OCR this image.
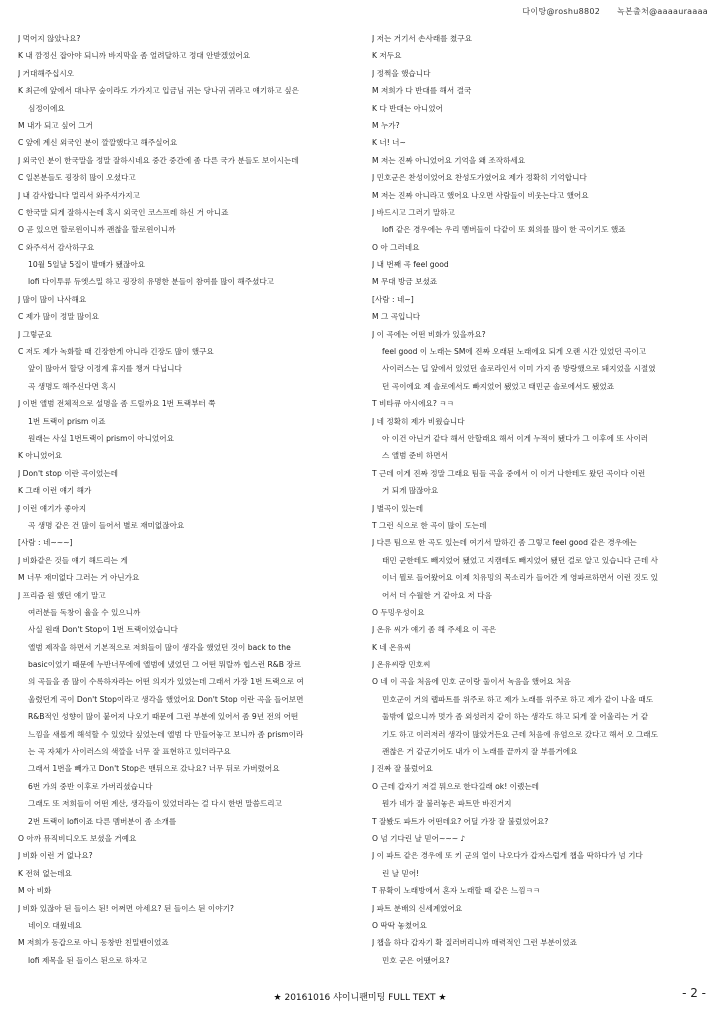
다이탕@roshu8802 녹본출처@aaaauraaaa
J 먹어지 않았나요?
K 내 깜정신 잡아야 되니까 바지막을 좀 얼려달하고 정대 안받겠었어요
J 거대해주십시오
K 최근에 앞에서 대나무 숲이라도 가가지고 입금님 귀는 당나귀 귀라고 얘기하고 싶은
심정이에요
M 내가 되고 싶어 그거
C 앞에 계신 외국인 분이 깔깔했다고 해주실어요
J 외국인 분이 한국말을 정말 잘하시네요 중간 중간에 좀 다른 국가 분들도 보이시는데
C 일본분들도 굉장히 많이 오셨다고
J 내 감사합니다 멀리서 와주셔가지고
C 한국말 되게 잘하시는데 혹시 외국인 코스프레 하신 거 아니죠
O 곧 있으면 할로윈이니까 괜찮을 할로윈이니까
C 와주셔서 감사하구요
10월 5일날 5집이 발매가 됐잖아요
lofi 다이투류 듀엣스밀 하고 굉장히 유명한 분들이 참여를 많이 해주셨다고
J 많이 많이 나사해요
C 제가 많이 정말 많이요
J 그렇군요
C 저도 제가 녹화할 때 긴장한게 아니라 긴장도 많이 했구요
앞이 많아서 할당 이정계 휴지를 챙겨 다닙니다
곡 생명도 해주신다면 혹시
J 이번 앨범 전체적으로 설명을 좀 드릴까요 1번 트랙부터 쭉
1번 트랙이 prism 이죠
원래는 사실 1번트랙이 prism이 아니었어요
K 아니었어요
J Don't stop 이란 곡이었는데
K 그래 이런 얘기 해가
J 이런 얘기가 좋아지
곡 생명 같은 건 많이 들어서 별로 재미없잖아요
[사람 : 네~~~]
J 비화같은 것들 얘기 해드리는 게
M 너무 재미없다 그러는 거 아닌가요
J 프리즘 원 했던 얘기 말고
여러분들 독창이 율을 수 있으니까
사실 원래 Don't Stop이 1번 트랙이었습니다
앨범 제작을 하면서 기본적으로 저희들이 많이 생각을 했었던 것이 back to the
basic이었기 때문에 누반너무에에 앨범에 냈었던 그 어떤 뭐랄까 힙스런 R&B 장르
의 곡들을 좀 많이 수록하자라는 어떤 의지가 있었는데 그래서 가장 1번 트랙으로 여
울렸던게 곡이 Don't Stop이라고 생각을 했었어요 Don't Stop 이란 곡을 들어보면
R&B적인 성향이 많이 붙어져 나오기 때문에 그런 부분에 있어서 좀 9년 전의 어떤
느낌을 새롭게 해석할 수 있었다 싶었는데 앨범 다 만들어놓고 보니까 좀 prism이라
는 곡 자체가 사이러스의 색깔을 너무 잘 표현하고 있더라구요
그래서 1번을 빼가고 Don't Stop은 맨뒤으로 갔나요? 너무 뒤로 가버렸어요
6번 가의 중반 이후로 가버리셨습니다
그래도 또 저희들이 어떤 계산, 생각들이 있었더라는 걸 다시 한번 말씀드리고
2번 트랙이 lofi이죠 다른 멤버분이 좀 소개를
O 아까 뮤직비디오도 보셨을 거예요
J 비화 이런 거 없나요?
K 전혀 없는데요
M 아 비화
J 비화 있잖아 된 들이스 된! 어쩌면 아세요? 된 들이스 된 이야기?
네이오 대웠네요
M 저희가 동갑으로 아니 동창반 친밀밴이었죠
lofi 제목을 된 들이스 된으로 하자고
J 저는 거기서 손사래를 쳤구요
K 저두요
J 정쩍을 했습니다
M 저희가 다 반대를 해서 결국
K 다 반대는 아니었어
M 누가?
K 너! 너~
M 저는 진짜 아니었어요 기억을 왜 조작하세요
J 민호군은 찬성이었어요 찬성도가였어요 제가 정확히 기억합니다
M 저는 진짜 아니라고 했어요 나오면 사람들이 비웃는다고 했어요
J 바드시고 그러기 말하고
lofi 같은 경우에는 우리 멤버들이 다같이 또 회의를 많이 한 곡이기도 했죠
O 아 그러네요
J 내 번째 곡 feel good
M 무대 방금 보셨죠
[사람 : 네~]
M 그 곡입니다
J 이 곡에는 어떤 비화가 있을까요?
feel good 이 노래는 SM에 진짜 오래된 노래에요 되게 오랜 시간 있었던 곡이고
사이러스는 딥 앞에서 있었던 솔로라인서 이미 가지 좀 방랑했으로 돼지었을 시절였
던 곡이에요 제 솔로에서도 빠지었어 됐었고 태민군 솔로에서도 됐었죠
T 비타큐 아시에요? ㅋㅋ
J 네 정확히 제가 비웠습니다
아 이건 아닌거 같다 해서 안할래요 해서 이게 누적이 됐다가 그 이후에 또 사이러
스 앨범 준비 하면서
T 근데 이게 진짜 정말 그래요 팀들 곡을 중에서 이 이거 나한테도 왔던 곡이다 이런
거 되게 많잖아요
J 별곡이 있는데
T 그런 식으로 한 곡이 많이 도는데
J 다른 팀으로 한 곡도 있는데 여기서 말하긴 좀 그렇고 feel good 같은 경우에는
태민 군한테도 빼지었어 됐었고 지캠테도 빼지었어 됐던 걸로 알고 있습니다 근데 사
이너 뭘로 들어왔어요 이제 치유밍의 목소리가 들어간 게 영파르하면서 이런 것도 있
어서 더 수월한 거 같아요 저 다음
O 두밍우성이요
J 온유 씨가 얘기 좀 해 주세요 이 곡은
K 네 온유씨
J 온유씨랑 민호씨
O 네 이 곡을 처음에 민호 군이랑 둘이서 녹음을 했어요 처음
민호군이 거의 랩파트를 위주로 하고 제가 노래를 위주로 하고 제가 같이 나올 때도
둘밖에 없으니까 멋가 좀 외성러지 같이 하는 생각도 하고 되게 잘 어울리는 거 같
기도 하고 이러저러 생각이 많았거든요 근데 처음에 유엄으로 갔다고 해서 오 그래도
괜찮은 거 같군기어도 내가 이 노래를 끝까지 잘 부를거에요
J 진짜 잘 불렀어요
O 근데 갑자기 저걸 뭐으로 한다길래 ok! 이랬는데
뭔가 네가 잘 불러놓은 파트만 바진거지
T 잘봤도 파트가 어떤데요? 어딜 가장 잘 불렀었어요?
O 넘 기다린 날 믿어~~~ ♪
J 이 파트 같은 경우에 또 키 군의 얼이 나오다가 갑자스럽게 챕을 딱하다가 넘 기다
린 날 믿어!
T 뮤확이 노래방에서 혼자 노래할 때 같은 느낌ㅋㅋ
J 파트 분배의 신세계였어요
O 딱딱 놓쳤어요
J 챕을 하다 갑자기 확 질러버리니까 매력적인 그런 부분이었죠
민호 군은 어땠어요?
★ 20161016 샤이니팬미팅 FULL TEXT ★	- 2 -
